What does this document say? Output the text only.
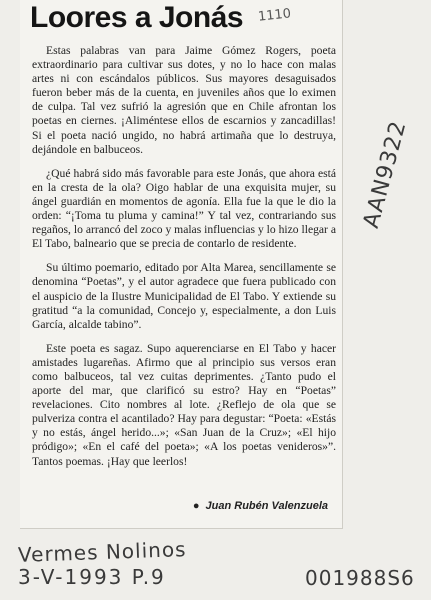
Loores a Jonás

Estas palabras van para Jaime Gómez Rogers, poeta extraordinario para cultivar sus dotes, y no lo hace con malas artes ni con escándalos públicos. Sus mayores desaguisados fueron beber más de la cuenta, en juveniles años que lo eximen de culpa. Tal vez sufrió la agresión que en Chile afrontan los poetas en ciernes. ¡Aliméntese ellos de escarnios y zancadillas! Si el poeta nació ungido, no habrá artimaña que lo destruya, dejándole en balbuceos.

¿Qué habrá sido más favorable para este Jonás, que ahora está en la cresta de la ola? Oigo hablar de una exquisita mujer, su ángel guardián en momentos de agonía. Ella fue la que le dio la orden: “¡Toma tu pluma y camina!” Y tal vez, contrariando sus regaños, lo arrancó del zoco y malas influencias y lo hizo llegar a El Tabo, balneario que se precia de contarlo de residente.

Su último poemario, editado por Alta Marea, sencillamente se denomina “Poetas”, y el autor agradece que fuera publicado con el auspicio de la Ilustre Municipalidad de El Tabo. Y extiende su gratitud “a la comunidad, Concejo y, especialmente, a don Luis García, alcalde tabino”.

Este poeta es sagaz. Supo aquerenciarse en El Tabo y hacer amistades lugareñas. Afirmo que al principio sus versos eran como balbuceos, tal vez cuitas deprimentes. ¿Tanto pudo el aporte del mar, que clarificó su estro? Hay en “Poetas” revelaciones. Cito nombres al lote. ¿Reflejo de ola que se pulveriza contra el acantilado? Hay para degustar: “Poeta: «Estás y no estás, ángel herido...»; «San Juan de la Cruz»; «El hijo pródigo»; «En el café del poeta»; «A los poetas venideros»”. Tantos poemas. ¡Hay que leerlos!

● Juan Rubén Valenzuela
1110
AAN9322
Vermes Nolinos
3-V-1993 P.9	001988S6
